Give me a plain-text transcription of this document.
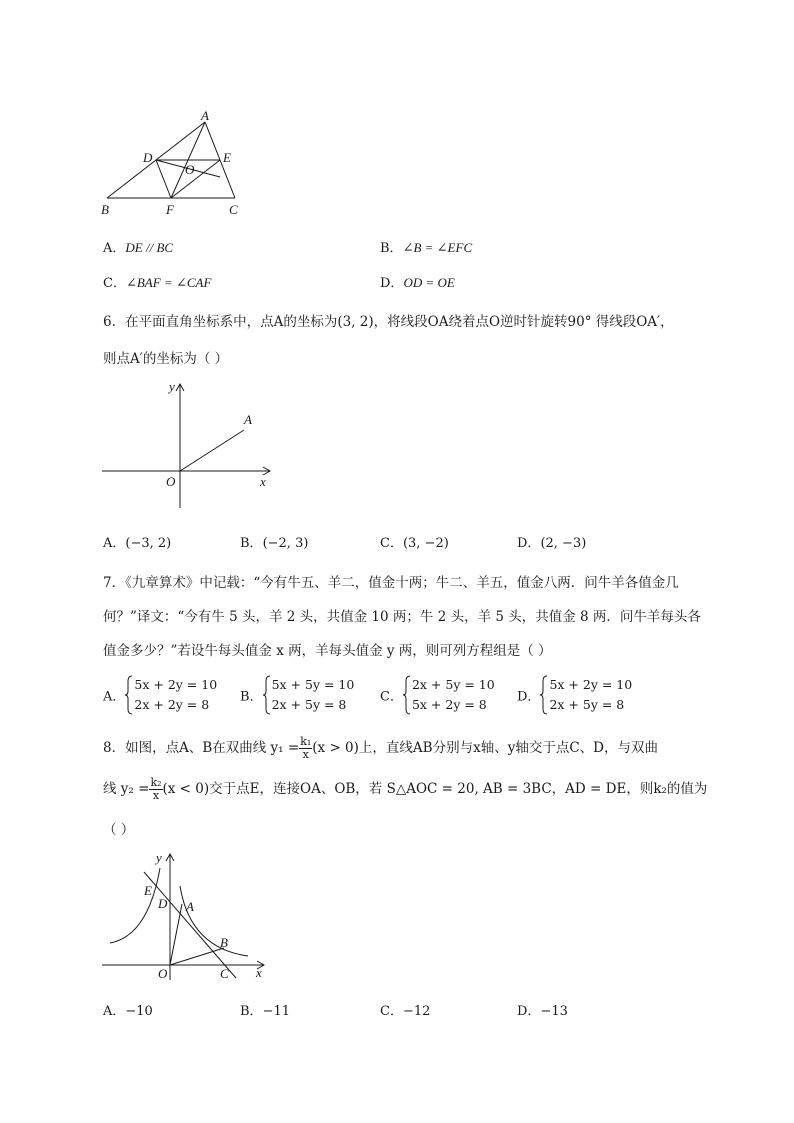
A
D	E
O
B	F	C
A．DE // BC	B．∠B = ∠EFC
C．∠BAF = ∠CAF	D．OD = OE
6．在平面直角坐标系中，点A的坐标为(3, 2)，将线段OA绕着点O逆时针旋转90° 得线段OA′，
则点A′的坐标为（ ）
y
x
O
A
A．(−3, 2)	B．(−2, 3)	C．(3, −2)	D．(2, −3)
7．《九章算术》中记载：“今有牛五、羊二，值金十两；牛二、羊五，值金八两．问牛羊各值金几
何？”译文：“今有牛 5 头，羊 2 头，共值金 10 两；牛 2 头，羊 5 头，共值金 8 两．问牛羊每头各
值金多少？”若设牛每头值金 x 两，羊每头值金 y 两，则可列方程组是（ ）
A．
5x + 2y = 10
2x + 2y = 8	B．
5x + 5y = 10
2x + 5y = 8	C．
2x + 5y = 10
5x + 2y = 8	D．
5x + 2y = 10
2x + 5y = 8
8．如图，点A、B在双曲线 $y_1 = \frac{\text{k₁}}{x} (x > 0)$上，直线AB分别与x轴、y轴交于点C、D，与双曲
线 $y_2 = \frac{\text{k₂}}{x} (x < 0)$交于点E，连接OA、OB，若 S△AOC = 20, AB = 3BC，AD = DE，则k₂的值为
（ ）
y
x
E
D A
B
O	C
A．−10	B．−11	C．−12	D．−13
